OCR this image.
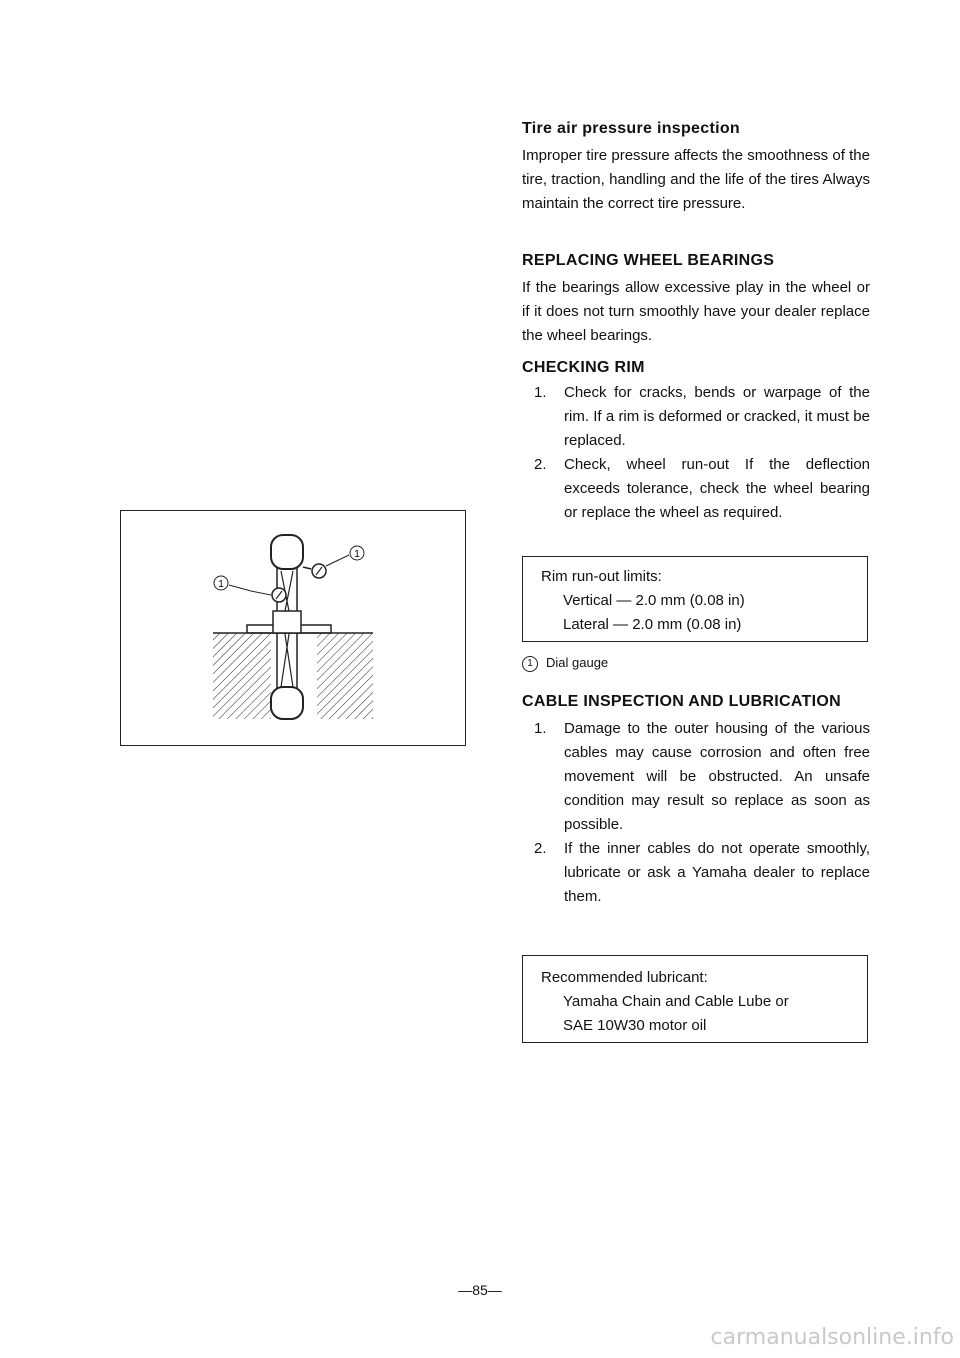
Tire air pressure inspection

Improper tire pressure affects the smoothness of the tire, traction, handling and the life of the tires Always maintain the correct tire pressure.

REPLACING WHEEL BEARINGS

If the bearings allow excessive play in the wheel or if it does not turn smoothly have your dealer replace the wheel bearings.

CHECKING RIM

1. Check for cracks, bends or warpage of the rim. If a rim is deformed or cracked, it must be replaced.
2. Check, wheel run-out If the deflection exceeds tolerance, check the wheel bearing or replace the wheel as required.
Rim run-out limits:
Vertical — 2.0 mm (0.08 in)
Lateral — 2.0 mm (0.08 in)
1 Dial gauge

CABLE INSPECTION AND LUBRICATION

1. Damage to the outer housing of the various cables may cause corrosion and often free movement will be obstructed. An unsafe condition may result so replace as soon as possible.
2. If the inner cables do not operate smoothly, lubricate or ask a Yamaha dealer to replace them.
Recommended lubricant:
Yamaha Chain and Cable Lube or
SAE 10W30 motor oil
1
1
—85—
carmanualsonline.info
